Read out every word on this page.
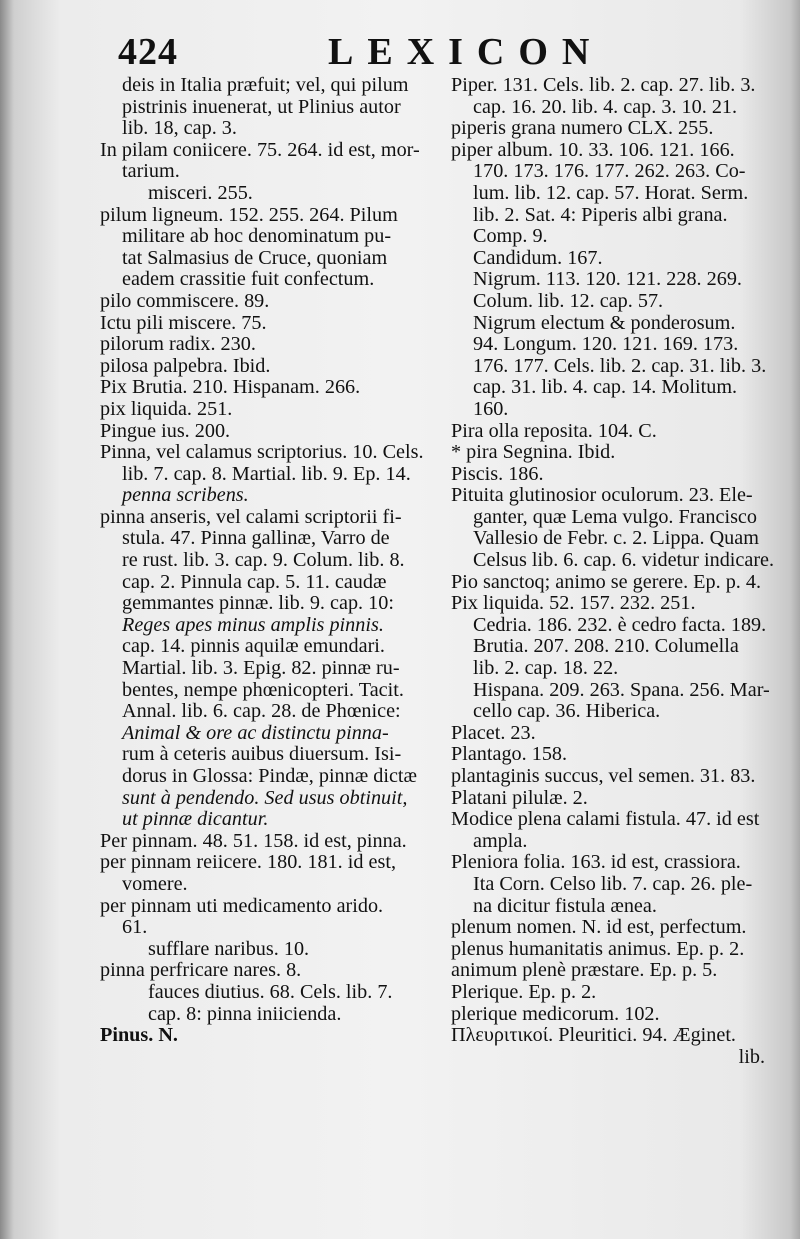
424	LEXICON
deis in Italia præfuit; vel, qui pilum
pistrinis inuenerat, ut Plinius autor
lib. 18, cap. 3.
In pilam coniicere. 75. 264. id est, mor-
tarium.
misceri. 255.
pilum ligneum. 152. 255. 264. Pilum
militare ab hoc denominatum pu-
tat Salmasius de Cruce, quoniam
eadem crassitie fuit confectum.
pilo commiscere. 89.
Ictu pili miscere. 75.
pilorum radix. 230.
pilosa palpebra. Ibid.
Pix Brutia. 210. Hispanam. 266.
pix liquida. 251.
Pingue ius. 200.
Pinna, vel calamus scriptorius. 10. Cels.
lib. 7. cap. 8. Martial. lib. 9. Ep. 14.
penna scribens.
pinna anseris, vel calami scriptorii fi-
stula. 47. Pinna gallinæ, Varro de
re rust. lib. 3. cap. 9. Colum. lib. 8.
cap. 2. Pinnula cap. 5. 11. caudæ
gemmantes pinnæ. lib. 9. cap. 10:
Reges apes minus amplis pinnis.
cap. 14. pinnis aquilæ emundari.
Martial. lib. 3. Epig. 82. pinnæ ru-
bentes, nempe phœnicopteri. Tacit.
Annal. lib. 6. cap. 28. de Phœnice:
Animal & ore ac distinctu pinna-
rum à ceteris auibus diuersum. Isi-
dorus in Glossa: Pindæ, pinnæ dictæ
sunt à pendendo. Sed usus obtinuit,
ut pinnæ dicantur.
Per pinnam. 48. 51. 158. id est, pinna.
per pinnam reiicere. 180. 181. id est,
vomere.
per pinnam uti medicamento arido.
61.
sufflare naribus. 10.
pinna perfricare nares. 8.
fauces diutius. 68. Cels. lib. 7.
cap. 8: pinna iniicienda.
Pinus. N.
Piper. 131. Cels. lib. 2. cap. 27. lib. 3.
cap. 16. 20. lib. 4. cap. 3. 10. 21.
piperis grana numero CLX. 255.
piper album. 10. 33. 106. 121. 166.
170. 173. 176. 177. 262. 263. Co-
lum. lib. 12. cap. 57. Horat. Serm.
lib. 2. Sat. 4: Piperis albi grana.
Comp. 9.
Candidum. 167.
Nigrum. 113. 120. 121. 228. 269.
Colum. lib. 12. cap. 57.
Nigrum electum & ponderosum.
94. Longum. 120. 121. 169. 173.
176. 177. Cels. lib. 2. cap. 31. lib. 3.
cap. 31. lib. 4. cap. 14. Molitum.
160.
Pira olla reposita. 104. C.
* pira Segnina. Ibid.
Piscis. 186.
Pituita glutinosior oculorum. 23. Ele-
ganter, quæ Lema vulgo. Francisco
Vallesio de Febr. c. 2. Lippa. Quam
Celsus lib. 6. cap. 6. videtur indicare.
Pio sanctoq; animo se gerere. Ep. p. 4.
Pix liquida. 52. 157. 232. 251.
Cedria. 186. 232. è cedro facta. 189.
Brutia. 207. 208. 210. Columella
lib. 2. cap. 18. 22.
Hispana. 209. 263. Spana. 256. Mar-
cello cap. 36. Hiberica.
Placet. 23.
Plantago. 158.
plantaginis succus, vel semen. 31. 83.
Platani pilulæ. 2.
Modice plena calami fistula. 47. id est
ampla.
Pleniora folia. 163. id est, crassiora.
Ita Corn. Celso lib. 7. cap. 26. ple-
na dicitur fistula ænea.
plenum nomen. N. id est, perfectum.
plenus humanitatis animus. Ep. p. 2.
animum plenè præstare. Ep. p. 5.
Plerique. Ep. p. 2.
plerique medicorum. 102.
Πλευριτικοί. Pleuritici. 94. Æginet.
lib.
